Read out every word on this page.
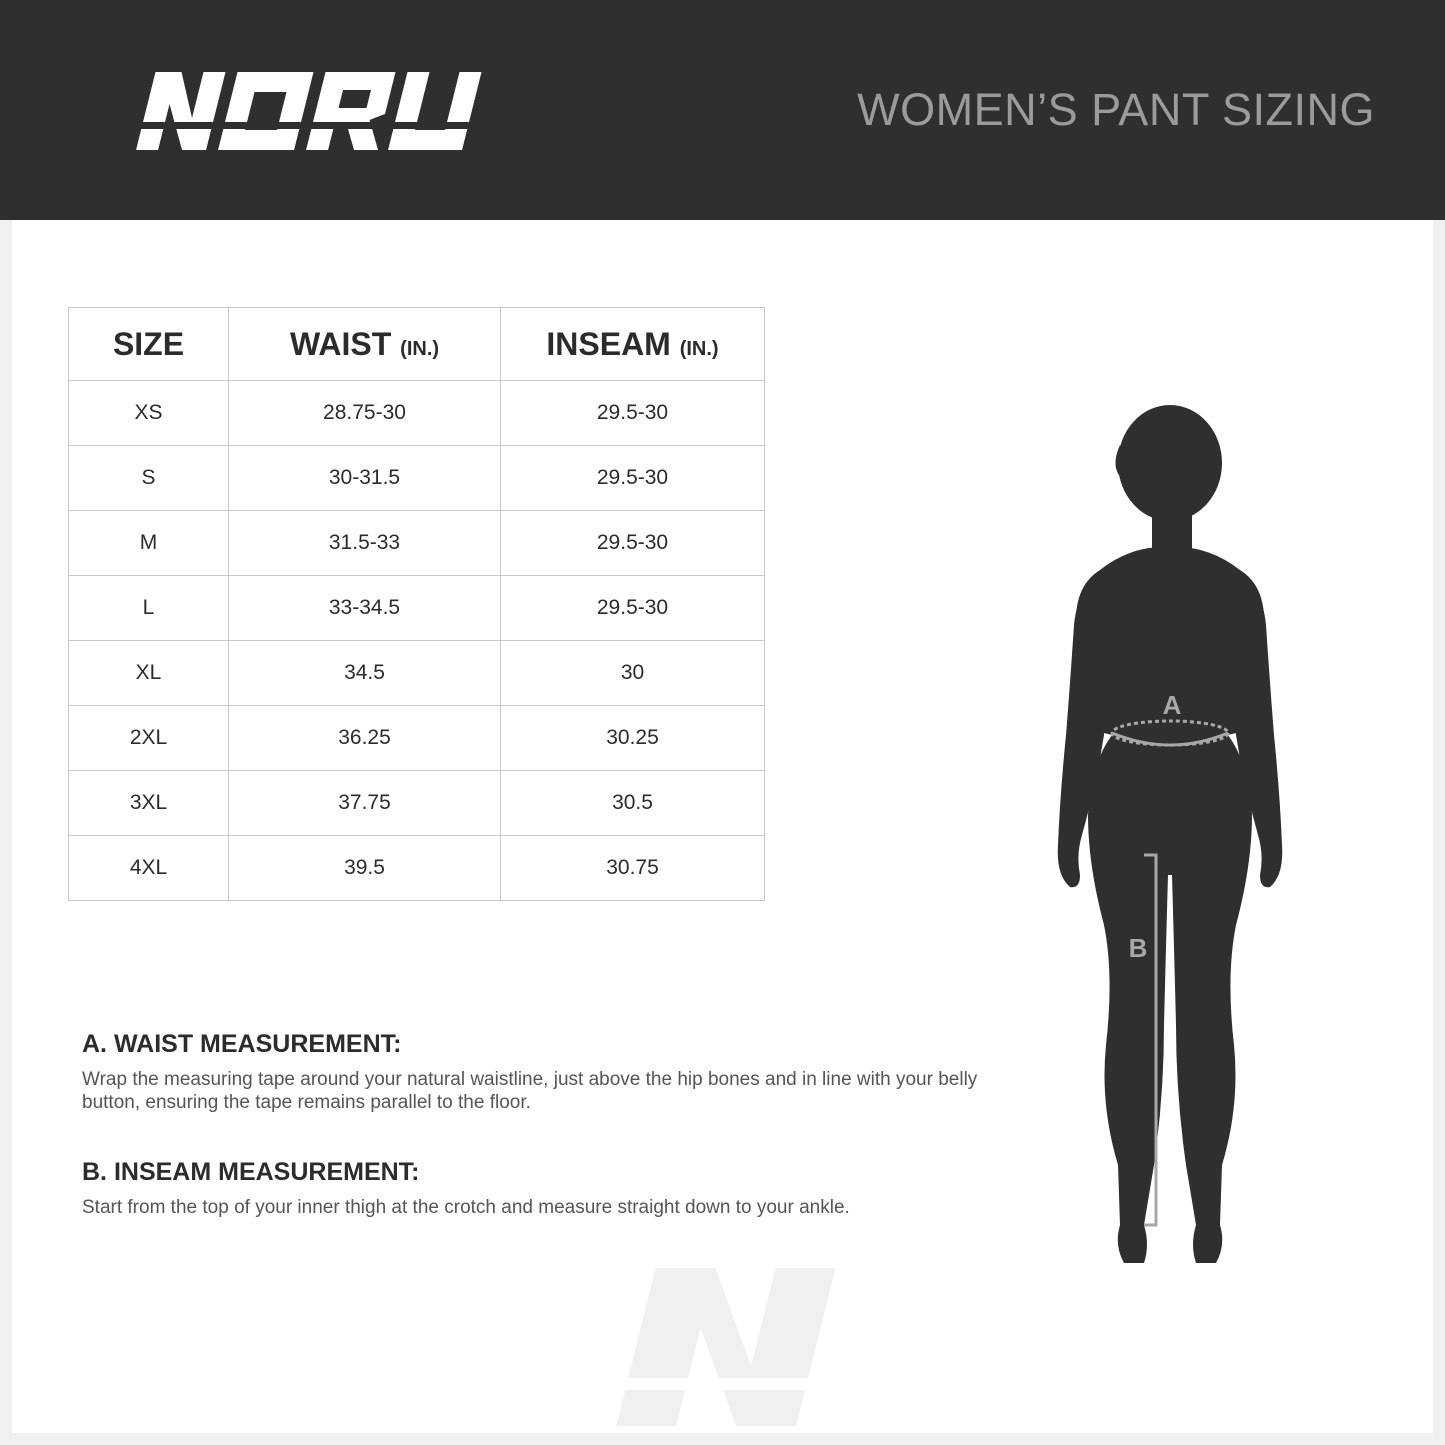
WOMEN’S PANT SIZING
SIZE	WAIST (IN.)	INSEAM (IN.)
XS	28.75-30	29.5-30
S	30-31.5	29.5-30
M	31.5-33	29.5-30
L	33-34.5	29.5-30
XL	34.5	30
2XL	36.25	30.25
3XL	37.75	30.5
4XL	39.5	30.75

A. WAIST MEASUREMENT:

Wrap the measuring tape around your natural waistline, just above the hip bones and in line with your belly button, ensuring the tape remains parallel to the floor.

B. INSEAM MEASUREMENT:

Start from the top of your inner thigh at the crotch and measure straight down to your ankle.

A
B
